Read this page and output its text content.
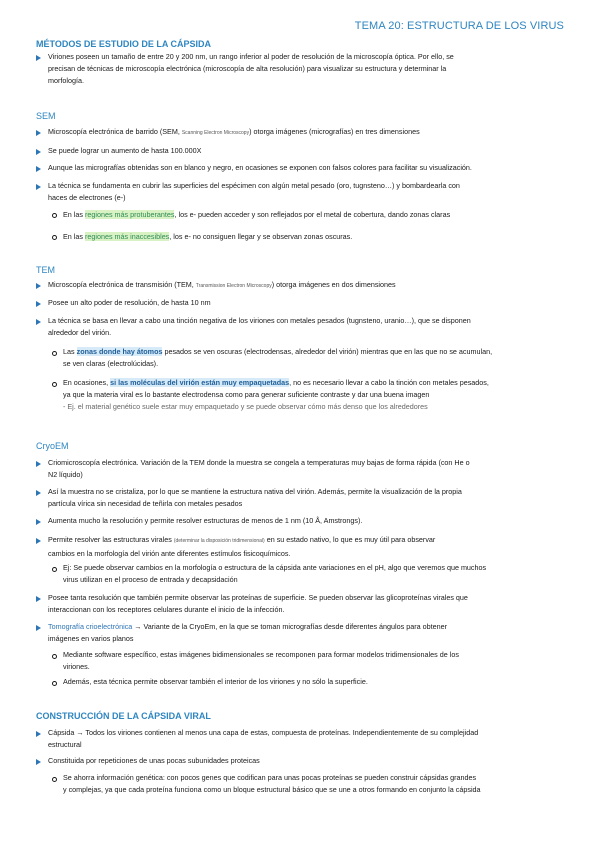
TEMA 20: ESTRUCTURA DE LOS VIRUS
MÉTODOS DE ESTUDIO DE LA CÁPSIDA
Viriones poseen un tamaño de entre 20 y 200 nm, un rango inferior al poder de resolución de la microscopía óptica. Por ello, se
precisan de técnicas de microscopía electrónica (microscopía de alta resolución) para visualizar su estructura y determinar la
morfología.
SEM
Microscopía electrónica de barrido (SEM, Scanning Electron Microscopy) otorga imágenes (micrografías) en tres dimensiones
Se puede lograr un aumento de hasta 100.000X
Aunque las micrografías obtenidas son en blanco y negro, en ocasiones se exponen con falsos colores para facilitar su visualización.
La técnica se fundamenta en cubrir las superficies del espécimen con algún metal pesado (oro, tugnsteno…) y bombardearla con
haces de electrones (e-)
En las regiones más protuberantes, los e- pueden acceder y son reflejados por el metal de cobertura, dando zonas claras
En las regiones más inaccesibles, los e- no consiguen llegar y se observan zonas oscuras.
TEM
Microscopía electrónica de transmisión (TEM, Transmission Electron Microscopy) otorga imágenes en dos dimensiones
Posee un alto poder de resolución, de hasta 10 nm
La técnica se basa en llevar a cabo una tinción negativa de los viriones con metales pesados (tugnsteno, uranio…), que se disponen
alrededor del virión.
Las zonas donde hay átomos pesados se ven oscuras (electrodensas, alrededor del virión) mientras que en las que no se acumulan,
se ven claras (electrolúcidas).
En ocasiones, si las moléculas del virión están muy empaquetadas, no es necesario llevar a cabo la tinción con metales pesados,
ya que la materia viral es lo bastante electrodensa como para generar suficiente contraste y dar una buena imagen
- Ej. el material genético suele estar muy empaquetado y se puede observar cómo más denso que los alrededores
CryoEM
Criomicroscopía electrónica. Variación de la TEM donde la muestra se congela a temperaturas muy bajas de forma rápida (con He o
N2 líquido)
Así la muestra no se cristaliza, por lo que se mantiene la estructura nativa del virión. Además, permite la visualización de la propia
partícula vírica sin necesidad de teñirla con metales pesados
Aumenta mucho la resolución y permite resolver estructuras de menos de 1 nm (10 Å, Amstrongs).
Permite resolver las estructuras virales (determinar la disposición tridimensional) en su estado nativo, lo que es muy útil para observar
cambios en la morfología del virión ante diferentes estímulos fisicoquímicos.
Ej: Se puede observar cambios en la morfología o estructura de la cápsida ante variaciones en el pH, algo que veremos que muchos
virus utilizan en el proceso de entrada y decapsidación
Posee tanta resolución que también permite observar las proteínas de superficie. Se pueden observar las glicoproteínas virales que
interaccionan con los receptores celulares durante el inicio de la infección.
Tomografía crioelectrónica → Variante de la CryoEm, en la que se toman micrografías desde diferentes ángulos para obtener
imágenes en varios planos
Mediante software específico, estas imágenes bidimensionales se recomponen para formar modelos tridimensionales de los
viriones.
Además, esta técnica permite observar también el interior de los viriones y no sólo la superficie.
CONSTRUCCIÓN DE LA CÁPSIDA VIRAL
Cápsida → Todos los viriones contienen al menos una capa de estas, compuesta de proteínas. Independientemente de su complejidad
estructural
Constituida por repeticiones de unas pocas subunidades proteicas
Se ahorra información genética: con pocos genes que codifican para unas pocas proteínas se pueden construir cápsidas grandes
y complejas, ya que cada proteína funciona como un bloque estructural básico que se une a otros formando en conjunto la cápsida
